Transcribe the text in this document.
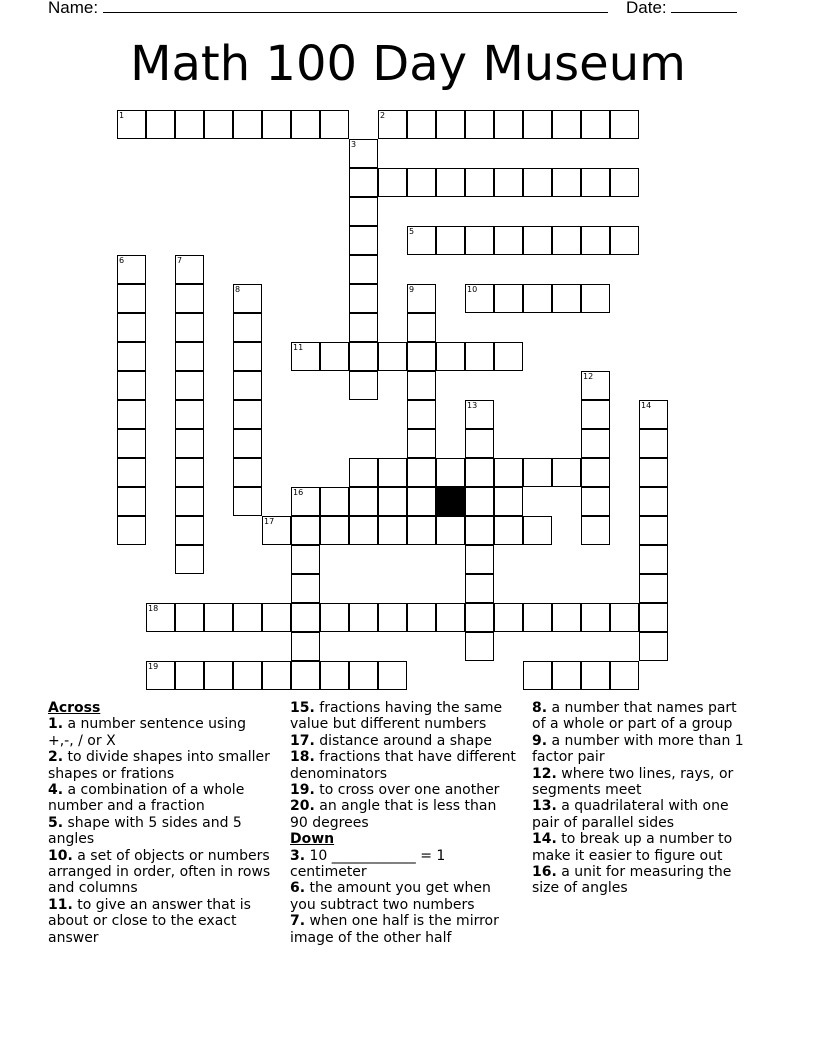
Name:	Date:
Math 100 Day Museum
1	2
3
5
6	7
8	9	10
11
12
13	14
16
17
18
19
Across
1. a number sentence using +,-, / or X
2. to divide shapes into smaller shapes or frations
4. a combination of a whole number and a fraction
5. shape with 5 sides and 5 angles
10. a set of objects or numbers arranged in order, often in rows and columns
11. to give an answer that is about or close to the exact answer
15. fractions having the same value but different numbers
17. distance around a shape
18. fractions that have different denominators
19. to cross over one another
20. an angle that is less than 90 degrees
Down
3. 10 ____________ = 1 centimeter
6. the amount you get when you subtract two numbers
7. when one half is the mirror image of the other half
8. a number that names part of a whole or part of a group
9. a number with more than 1 factor pair
12. where two lines, rays, or segments meet
13. a quadrilateral with one pair of parallel sides
14. to break up a number to make it easier to figure out
16. a unit for measuring the size of angles
